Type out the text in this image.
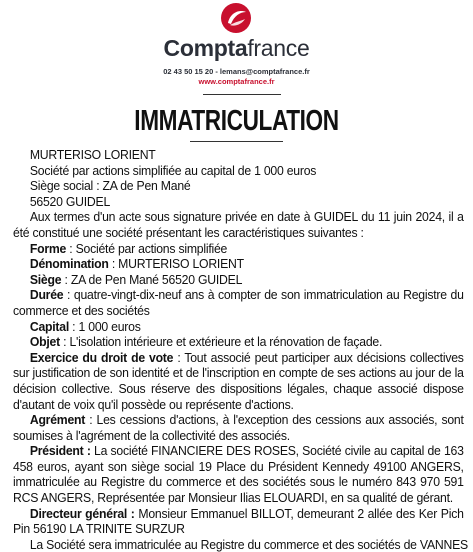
Comptafrance
02 43 50 15 20 - lemans@comptafrance.fr
www.comptafrance.fr
IMMATRICULATION
MURTERISO LORIENT
Société par actions simplifiée au capital de 1 000 euros
Siège social : ZA de Pen Mané
56520 GUIDEL
Aux termes d'un acte sous signature privée en date à GUIDEL du 11 juin 2024, il a été constitué une société présentant les caractéristiques suivantes :
Forme : Société par actions simplifiée
Dénomination : MURTERISO LORIENT
Siège : ZA de Pen Mané 56520 GUIDEL
Durée : quatre-vingt-dix-neuf ans à compter de son immatriculation au Registre du commerce et des sociétés
Capital : 1 000 euros
Objet : L'isolation intérieure et extérieure et la rénovation de façade.
Exercice du droit de vote : Tout associé peut participer aux décisions collectives sur justification de son identité et de l'inscription en compte de ses actions au jour de la décision collective. Sous réserve des dispositions légales, chaque associé dispose d'autant de voix qu'il possède ou représente d'actions.
Agrément : Les cessions d'actions, à l'exception des cessions aux associés, sont soumises à l'agrément de la collectivité des associés.
Président : La société FINANCIERE DES ROSES, Société civile au capital de 163 458 euros, ayant son siège social 19 Place du Président Kennedy 49100 ANGERS, immatriculée au Registre du commerce et des sociétés sous le numéro 843 970 591 RCS ANGERS, Représentée par Monsieur Ilias ELOUARDI, en sa qualité de gérant.
Directeur général : Monsieur Emmanuel BILLOT, demeurant 2 allée des Ker Pich Pin 56190 LA TRINITE SURZUR
La Société sera immatriculée au Registre du commerce et des sociétés de VANNES
